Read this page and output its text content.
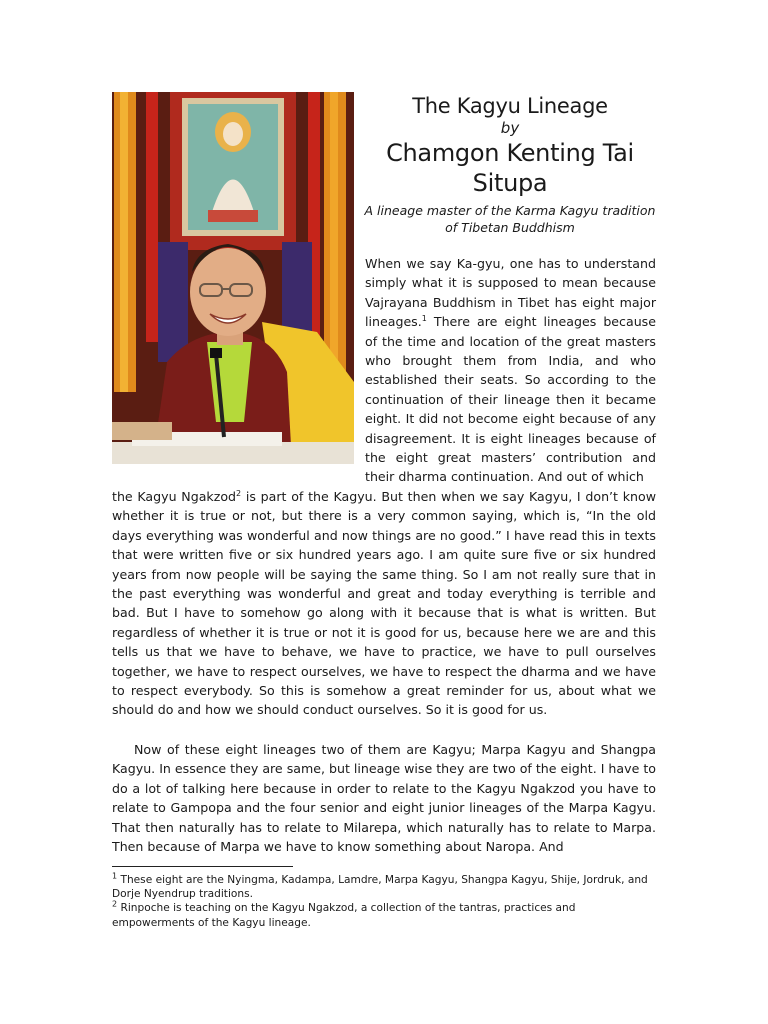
The Kagyu Lineage

by

Chamgon Kenting Tai Situpa

A lineage master of the Karma Kagyu tradition of Tibetan Buddhism

When we say Ka-gyu, one has to understand simply what it is supposed to mean because Vajrayana Buddhism in Tibet has eight major lineages.$^1$ There are eight lineages because of the time and location of the great masters who brought them from India, and who established their seats. So according to the continuation of their lineage then it became eight. It did not become eight because of any disagreement. It is eight lineages because of the eight great masters’ contribution and their dharma continuation. And out of which

the Kagyu Ngakzod$^2$ is part of the Kagyu. But then when we say Kagyu, I don’t know whether it is true or not, but there is a very common saying, which is, “In the old days everything was wonderful and now things are no good.” I have read this in texts that were written five or six hundred years ago. I am quite sure five or six hundred years from now people will be saying the same thing. So I am not really sure that in the past everything was wonderful and great and today everything is terrible and bad. But I have to somehow go along with it because that is what is written. But regardless of whether it is true or not it is good for us, because here we are and this tells us that we have to behave, we have to practice, we have to pull ourselves together, we have to respect ourselves, we have to respect the dharma and we have to respect everybody. So this is somehow a great reminder for us, about what we should do and how we should conduct ourselves. So it is good for us.

Now of these eight lineages two of them are Kagyu; Marpa Kagyu and Shangpa Kagyu. In essence they are same, but lineage wise they are two of the eight. I have to do a lot of talking here because in order to relate to the Kagyu Ngakzod you have to relate to Gampopa and the four senior and eight junior lineages of the Marpa Kagyu. That then naturally has to relate to Milarepa, which naturally has to relate to Marpa. Then because of Marpa we have to know something about Naropa. And

$^1$ These eight are the Nyingma, Kadampa, Lamdre, Marpa Kagyu, Shangpa Kagyu, Shije, Jordruk, and Dorje Nyendrup traditions.

$^2$ Rinpoche is teaching on the Kagyu Ngakzod, a collection of the tantras, practices and empowerments of the Kagyu lineage.
